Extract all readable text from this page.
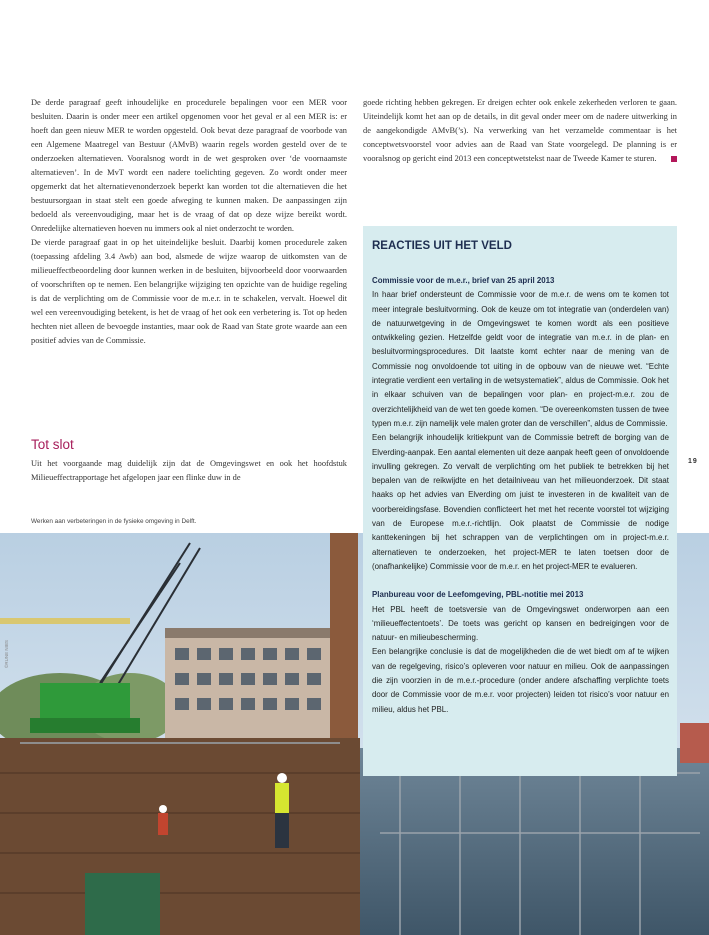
De derde paragraaf geeft inhoudelijke en procedurele bepalingen voor een MER voor besluiten. Daarin is onder meer een artikel opgenomen voor het geval er al een MER is: er hoeft dan geen nieuw MER te worden opgesteld. Ook bevat deze paragraaf de voorbode van een Algemene Maatregel van Bestuur (AMvB) waarin regels worden gesteld over de te onderzoeken alternatieven. Vooralsnog wordt in de wet gesproken over ‘de voornaamste alternatieven’. In de MvT wordt een nadere toelichting gegeven. Zo wordt onder meer opgemerkt dat het alternatievenonderzoek beperkt kan worden tot die alternatieven die het bestuursorgaan in staat stelt een goede afweging te kunnen maken. De aanpassingen zijn bedoeld als vereenvoudiging, maar het is de vraag of dat op deze wijze bereikt wordt. Onredelijke alternatieven hoeven nu immers ook al niet onderzocht te worden.

De vierde paragraaf gaat in op het uiteindelijke besluit. Daarbij komen procedurele zaken (toepassing afdeling 3.4 Awb) aan bod, alsmede de wijze waarop de uitkomsten van de milieueffectbeoordeling door kunnen werken in de besluiten, bijvoorbeeld door voorwaarden of voorschriften op te nemen. Een belangrijke wijziging ten opzichte van de huidige regeling is dat de verplichting om de Commissie voor de m.e.r. in te schakelen, vervalt. Hoewel dit wel een vereenvoudiging betekent, is het de vraag of het ook een verbetering is. Tot op heden hechten niet alleen de bevoegde instanties, maar ook de Raad van State grote waarde aan een positief advies van de Commissie.

Tot slot
Uit het voorgaande mag duidelijk zijn dat de Omgevingswet en ook het hoofdstuk Milieueffectrapportage het afgelopen jaar een flinke duw in de

goede richting hebben gekregen. Er dreigen echter ook enkele zekerheden verloren te gaan. Uiteindelijk komt het aan op de details, in dit geval onder meer om de nadere uitwerking in de aangekondigde AMvB(’s). Na verwerking van het verzamelde commentaar is het conceptwetsvoorstel voor advies aan de Raad van State voorgelegd. De planning is er vooralsnog op gericht eind 2013 een conceptwetstekst naar de Tweede Kamer te sturen.

Werken aan verbeteringen in de fysieke omgeving in Delft.
19
©RUNE NIBS
REACTIES UIT HET VELD

Commissie voor de m.e.r., brief van 25 april 2013

In haar brief ondersteunt de Commissie voor de m.e.r. de wens om te komen tot meer integrale besluitvorming. Ook de keuze om tot integratie van (onderdelen van) de natuurwetgeving in de Omgevingswet te komen wordt als een positieve ontwikkeling gezien. Hetzelfde geldt voor de integratie van m.e.r. in de plan- en besluitvormingsprocedures. Dit laatste komt echter naar de mening van de Commissie nog onvoldoende tot uiting in de opbouw van de nieuwe wet. “Echte integratie verdient een vertaling in de wetsystematiek”, aldus de Commissie. Ook het in elkaar schuiven van de bepalingen voor plan- en project-m.e.r. zou de overzichtelijkheid van de wet ten goede komen. “De overeenkomsten tussen de twee typen m.e.r. zijn namelijk vele malen groter dan de verschillen”, aldus de Commissie.

Een belangrijk inhoudelijk kritiekpunt van de Commissie betreft de borging van de Elverding-aanpak. Een aantal elementen uit deze aanpak heeft geen of onvoldoende invulling gekregen. Zo vervalt de verplichting om het publiek te betrekken bij het bepalen van de reikwijdte en het detailniveau van het milieuonderzoek. Dit staat haaks op het advies van Elverding om juist te investeren in de kwaliteit van de voorbereidingsfase. Bovendien conflicteert het met het recente voorstel tot wijziging van de Europese m.e.r.-richtlijn. Ook plaatst de Commissie de nodige kanttekeningen bij het schrappen van de verplichtingen om in project-m.e.r. alternatieven te onderzoeken, het project-MER te laten toetsen door de (onafhankelijke) Commissie voor de m.e.r. en het project-MER te evalueren.

Planbureau voor de Leefomgeving, PBL-notitie mei 2013

Het PBL heeft de toetsversie van de Omgevingswet onderworpen aan een ‘milieueffectentoets’. De toets was gericht op kansen en bedreigingen voor de natuur- en milieubescherming.

Een belangrijke conclusie is dat de mogelijkheden die de wet biedt om af te wijken van de regelgeving, risico’s opleveren voor natuur en milieu. Ook de aanpassingen die zijn voorzien in de m.e.r.-procedure (onder andere afschaffing verplichte toets door de Commissie voor de m.e.r. voor projecten) leiden tot risico’s voor natuur en milieu, aldus het PBL.
